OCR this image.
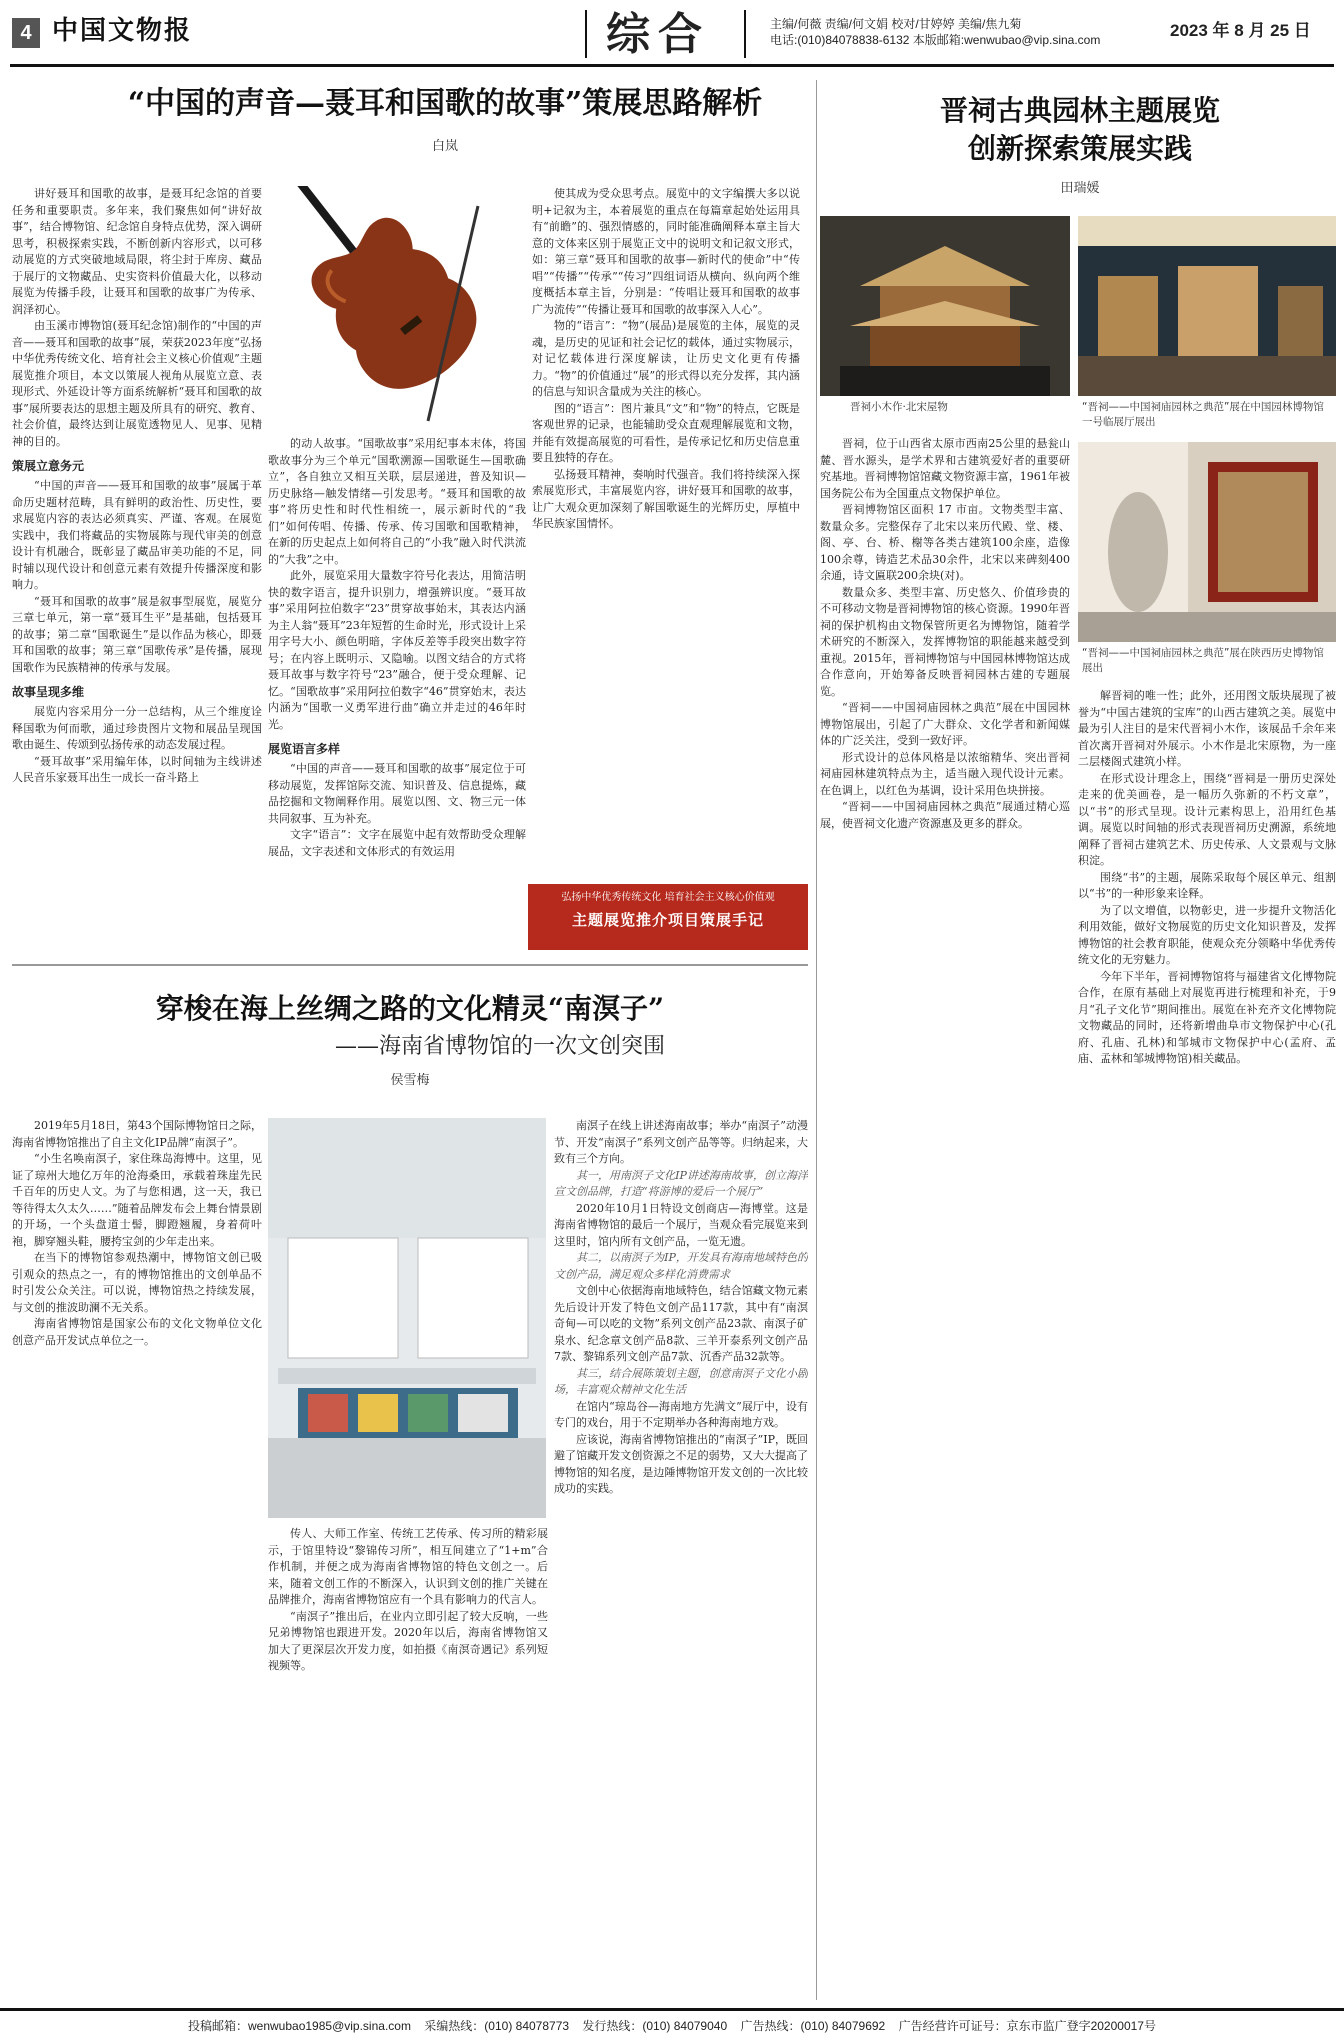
4 中国文物报	综合	主编/何薇 责编/何文娟 校对/甘婷婷 美编/焦九菊
电话:(010)84078838-6132 本版邮箱:wenwubao@vip.sina.com	2023 年 8 月 25 日
“中国的声音—聂耳和国歌的故事”策展思路解析
白岚

讲好聂耳和国歌的故事，是聂耳纪念馆的首要任务和重要职责。多年来，我们聚焦如何“讲好故事”，结合博物馆、纪念馆自身特点优势，深入调研思考，积极探索实践，不断创新内容形式，以可移动展览的方式突破地域局限，将尘封于库房、藏品于展厅的文物藏品、史实资料价值最大化，以移动展览为传播手段，让聂耳和国歌的故事广为传承、润泽初心。

由玉溪市博物馆(聂耳纪念馆)制作的“中国的声音——聂耳和国歌的故事”展，荣获2023年度“弘扬中华优秀传统文化、培育社会主义核心价值观”主题展览推介项目，本文以策展人视角从展览立意、表现形式、外延设计等方面系统解析“聂耳和国歌的故事”展所要表达的思想主题及所具有的研究、教育、社会价值，最终达到让展览透物见人、见事、见精神的目的。

策展立意务元

“中国的声音——聂耳和国歌的故事”展属于革命历史题材范畴，具有鲜明的政治性、历史性，要求展览内容的表达必须真实、严谨、客观。在展览实践中，我们将藏品的实物展陈与现代审美的创意设计有机融合，既彰显了藏品审美功能的不足，同时辅以现代设计和创意元素有效提升传播深度和影响力。

“聂耳和国歌的故事”展是叙事型展览，展览分三章七单元，第一章“聂耳生平”是基础，包括聂耳的故事；第二章“国歌诞生”是以作品为核心，即聂耳和国歌的故事；第三章“国歌传承”是传播，展现国歌作为民族精神的传承与发展。

故事呈现多维

展览内容采用分一分一总结构，从三个维度诠释国歌为何而歌，通过珍贵图片文物和展品呈现国歌由诞生、传颂到弘扬传承的动态发展过程。

“聂耳故事”采用编年体，以时间轴为主线讲述人民音乐家聂耳出生一成长一奋斗路上

的动人故事。“国歌故事”采用纪事本末体，将国歌故事分为三个单元“国歌溯源—国歌诞生—国歌确立”，各自独立又相互关联，层层递进，普及知识—历史脉络—触发情绪—引发思考。“聂耳和国歌的故事”将历史性和时代性相统一，展示新时代的“我们”如何传唱、传播、传承、传习国歌和国歌精神，在新的历史起点上如何将自己的“小我”融入时代洪流的“大我”之中。

此外，展览采用大量数字符号化表达，用简洁明快的数字语言，提升识别力，增强辨识度。“聂耳故事”采用阿拉伯数字“23”贯穿故事始末，其表达内涵为主人翁“聂耳”23年短暂的生命时光，形式设计上采用字号大小、颜色明暗，字体反差等手段突出数字符号；在内容上既明示、又隐喻。以图文结合的方式将聂耳故事与数字符号“23”融合，便于受众理解、记忆。“国歌故事”采用阿拉伯数字“46”贯穿始末，表达内涵为“国歌一义勇军进行曲”确立并走过的46年时光。

展览语言多样

“中国的声音——聂耳和国歌的故事”展定位于可移动展览，发挥馆际交流、知识普及、信息提炼，藏品挖掘和文物阐释作用。展览以图、文、物三元一体共同叙事、互为补充。

文字“语言”：文字在展览中起有效帮助受众理解展品，文字表述和文体形式的有效运用

使其成为受众思考点。展览中的文字编撰大多以说明+记叙为主，本着展览的重点在每篇章起始处运用具有“前瞻”的、强烈情感的，同时能准确阐释本章主旨大意的文体来区别于展览正文中的说明文和记叙文形式，如：第三章“聂耳和国歌的故事—新时代的使命”中“传唱”“传播”“传承”“传习”四组词语从横向、纵向两个维度概括本章主旨，分别是：“传唱让聂耳和国歌的故事广为流传”“传播让聂耳和国歌的故事深入人心”。

物的“语言”：“物”(展品)是展览的主体，展览的灵魂，是历史的见证和社会记忆的载体，通过实物展示，对记忆载体进行深度解读，让历史文化更有传播力。“物”的价值通过“展”的形式得以充分发挥，其内涵的信息与知识含量成为关注的核心。

图的“语言”：图片兼具“文”和“物”的特点，它既是客观世界的记录，也能辅助受众直观理解展览和文物，并能有效提高展览的可看性，是传承记忆和历史信息重要且独特的存在。

弘扬聂耳精神，奏响时代强音。我们将持续深入探索展览形式，丰富展览内容，讲好聂耳和国歌的故事，让广大观众更加深刻了解国歌诞生的光辉历史，厚植中华民族家国情怀。

弘扬中华优秀传统文化 培育社会主义核心价值观
主题展览推介项目策展手记
穿梭在海上丝绸之路的文化精灵“南溟子”
——海南省博物馆的一次文创突围
侯雪梅

2019年5月18日，第43个国际博物馆日之际，海南省博物馆推出了自主文化IP品牌“南溟子”。

“小生名唤南溟子，家住珠岛海博中。这里，见证了琼州大地亿万年的沧海桑田，承载着珠崖先民千百年的历史人文。为了与您相遇，这一天，我已等待得太久太久……”随着品牌发布会上舞台情景剧的开场，一个头盘道士髻，脚蹬翘履，身着荷叶袍，脚穿翘头鞋，腰挎宝剑的少年走出来。

在当下的博物馆参观热潮中，博物馆文创已吸引观众的热点之一，有的博物馆推出的文创单品不时引发公众关注。可以说，博物馆热之持续发展，与文创的推波助澜不无关系。

海南省博物馆是国家公布的文化文物单位文化创意产品开发试点单位之一。

传人、大师工作室、传统工艺传承、传习所的精彩展示，于馆里特设“黎锦传习所”，相互间建立了“1+m”合作机制，并便之成为海南省博物馆的特色文创之一。后来，随着文创工作的不断深入，认识到文创的推广关键在品牌推介，海南省博物馆应有一个具有影响力的代言人。

“南溟子”推出后，在业内立即引起了较大反响，一些兄弟博物馆也跟进开发。2020年以后，海南省博物馆又加大了更深层次开发力度，如拍摄《南溟奇遇记》系列短视频等。

南溟子在线上讲述海南故事；举办“南溟子”动漫节、开发“南溟子”系列文创产品等等。归纳起来，大致有三个方向。

其一，用南溟子文化IP讲述海南故事，创立海洋宣文创品牌，打造“将游博的爱后一个展厅”

2020年10月1日特设文创商店—海博堂。这是海南省博物馆的最后一个展厅，当观众看完展览来到这里时，馆内所有文创产品，一览无遗。

其二，以南溟子为IP，开发具有海南地域特色的文创产品，满足观众多样化消费需求

文创中心依据海南地域特色，结合馆藏文物元素先后设计开发了特色文创产品117款，其中有“南溟奇甸—可以吃的文物”系列文创产品23款、南溟子矿泉水、纪念章文创产品8款、三羊开泰系列文创产品7款、黎锦系列文创产品7款、沉香产品32款等。

其三，结合展陈策划主题，创意南溟子文化小剧场，丰富观众精神文化生活

在馆内“琼岛谷—海南地方先满文”展厅中，设有专门的戏台，用于不定期举办各种海南地方戏。

应该说，海南省博物馆推出的“南溟子”IP，既回避了馆藏开发文创资源之不足的弱势，又大大提高了博物馆的知名度，是边陲博物馆开发文创的一次比较成功的实践。

晋祠古典园林主题展览
创新探索策展实践
田瑞媛
晋祠小木作·北宋屋物	“晋祠——中国祠庙园林之典范”展在中国园林博物馆一号临展厅展出
“晋祠——中国祠庙园林之典范”展在陕西历史博物馆展出

晋祠，位于山西省太原市西南25公里的悬瓮山麓、晋水源头，是学术界和古建筑爱好者的重要研究基地。晋祠博物馆馆藏文物资源丰富，1961年被国务院公布为全国重点文物保护单位。

晋祠博物馆区面积 17 市亩。文物类型丰富、数量众多。完整保存了北宋以来历代殿、堂、楼、阁、亭、台、桥、榭等各类古建筑100余座，造像100余尊，铸造艺术品30余件，北宋以来碑刻400余通，诗文匾联200余块(对)。

数量众多、类型丰富、历史悠久、价值珍贵的不可移动文物是晋祠博物馆的核心资源。1990年晋祠的保护机构由文物保管所更名为博物馆，随着学术研究的不断深入，发挥博物馆的职能越来越受到重视。2015年，晋祠博物馆与中国园林博物馆达成合作意向，开始筹备反映晋祠园林古建的专题展览。

“晋祠——中国祠庙园林之典范”展在中国园林博物馆展出，引起了广大群众、文化学者和新闻媒体的广泛关注，受到一致好评。

形式设计的总体风格是以浓缩精华、突出晋祠祠庙园林建筑特点为主，适当融入现代设计元素。在色调上，以红色为基调，设计采用色块拼接。

“晋祠——中国祠庙园林之典范”展通过精心巡展，使晋祠文化遗产资源惠及更多的群众。

解晋祠的唯一性；此外，还用图文版块展现了被誉为“中国古建筑的宝库”的山西古建筑之美。展览中最为引人注目的是宋代晋祠小木作，该展品千余年来首次离开晋祠对外展示。小木作是北宋原物，为一座二层楼阁式建筑小样。

在形式设计理念上，围绕“晋祠是一册历史深处走来的优美画卷，是一幅历久弥新的不朽文章”，以“书”的形式呈现。设计元素构思上，沿用红色基调。展览以时间轴的形式表现晋祠历史溯源，系统地阐释了晋祠古建筑艺术、历史传承、人文景观与文脉积淀。

围绕“书”的主题，展陈采取每个展区单元、组割以“书”的一种形象来诠释。

为了以文增值，以物彰史，进一步提升文物活化利用效能，做好文物展览的历史文化知识普及，发挥博物馆的社会教育职能，使观众充分领略中华优秀传统文化的无穷魅力。

今年下半年，晋祠博物馆将与福建省文化博物院合作，在原有基础上对展览再进行梳理和补充，于9月“孔子文化节”期间推出。展览在补充齐文化博物院文物藏品的同时，还将新增曲阜市文物保护中心(孔府、孔庙、孔林)和邹城市文物保护中心(孟府、孟庙、孟林和邹城博物馆)相关藏品。

投稿邮箱：wenwubao1985@vip.sina.com 采编热线：(010) 84078773 发行热线：(010) 84079040 广告热线：(010) 84079692 广告经营许可证号：京东市监广登字20200017号
